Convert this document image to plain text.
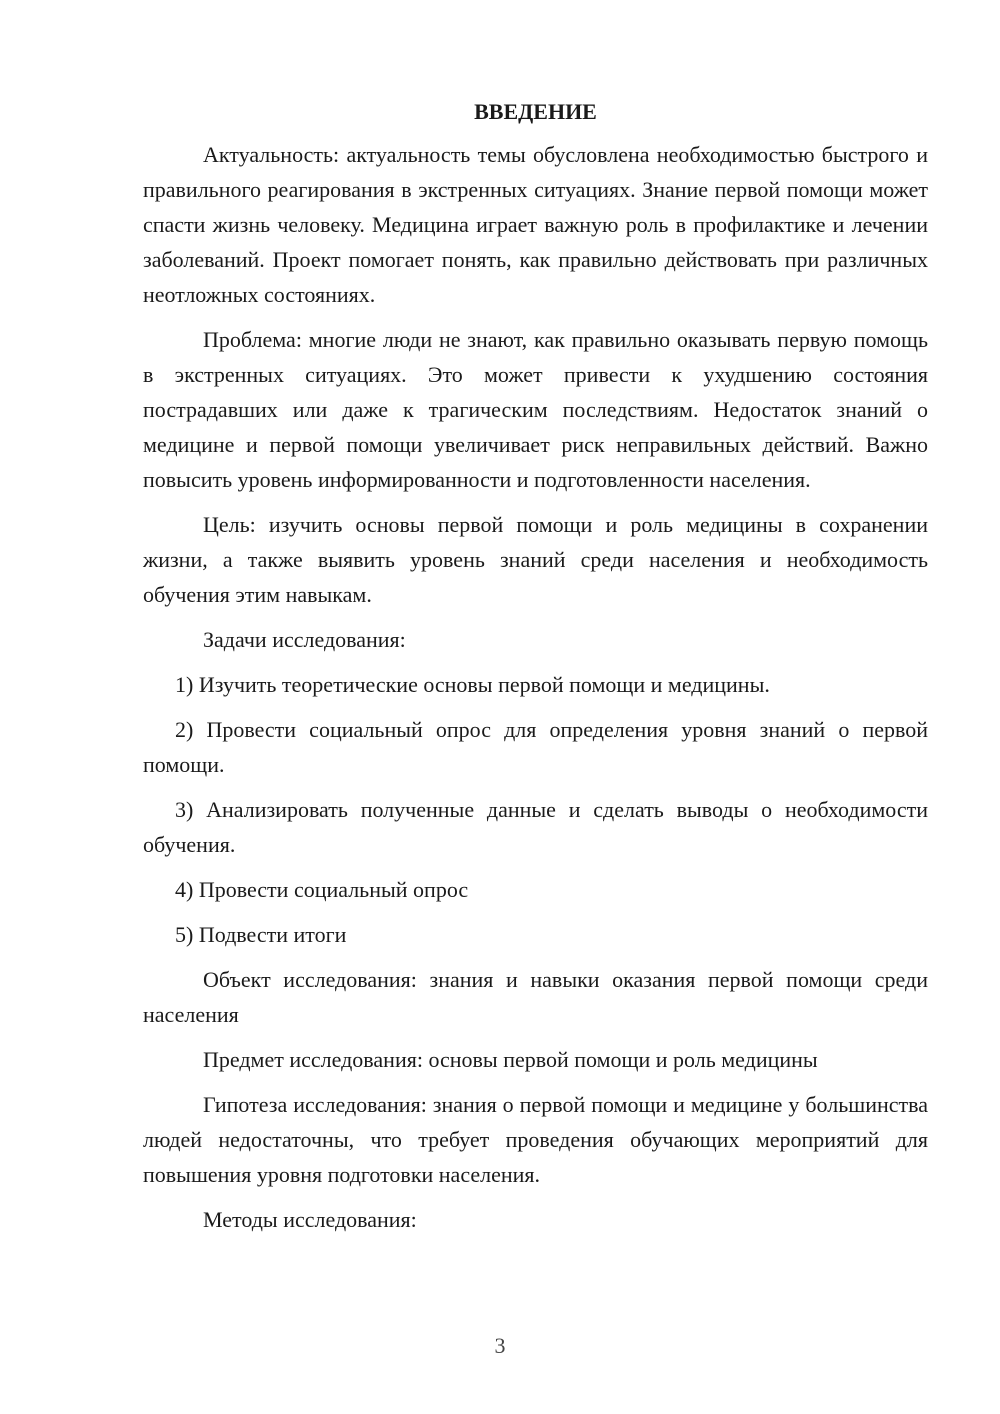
ВВЕДЕНИЕ
Актуальность: актуальность темы обусловлена необходимостью быстрого и правильного реагирования в экстренных ситуациях. Знание первой помощи может спасти жизнь человеку. Медицина играет важную роль в профилактике и лечении заболеваний. Проект помогает понять, как правильно действовать при различных неотложных состояниях.
Проблема: многие люди не знают, как правильно оказывать первую помощь в экстренных ситуациях. Это может привести к ухудшению состояния пострадавших или даже к трагическим последствиям. Недостаток знаний о медицине и первой помощи увеличивает риск неправильных действий. Важно повысить уровень информированности и подготовленности населения.
Цель: изучить основы первой помощи и роль медицины в сохранении жизни, а также выявить уровень знаний среди населения и необходимость обучения этим навыкам.
Задачи исследования:
1) Изучить теоретические основы первой помощи и медицины.
2) Провести социальный опрос для определения уровня знаний о первой помощи.
3) Анализировать полученные данные и сделать выводы о необходимости обучения.
4) Провести социальный опрос
5) Подвести итоги
Объект исследования: знания и навыки оказания первой помощи среди населения
Предмет исследования: основы первой помощи и роль медицины
Гипотеза исследования: знания о первой помощи и медицине у большинства людей недостаточны, что требует проведения обучающих мероприятий для повышения уровня подготовки населения.
Методы исследования:
3
